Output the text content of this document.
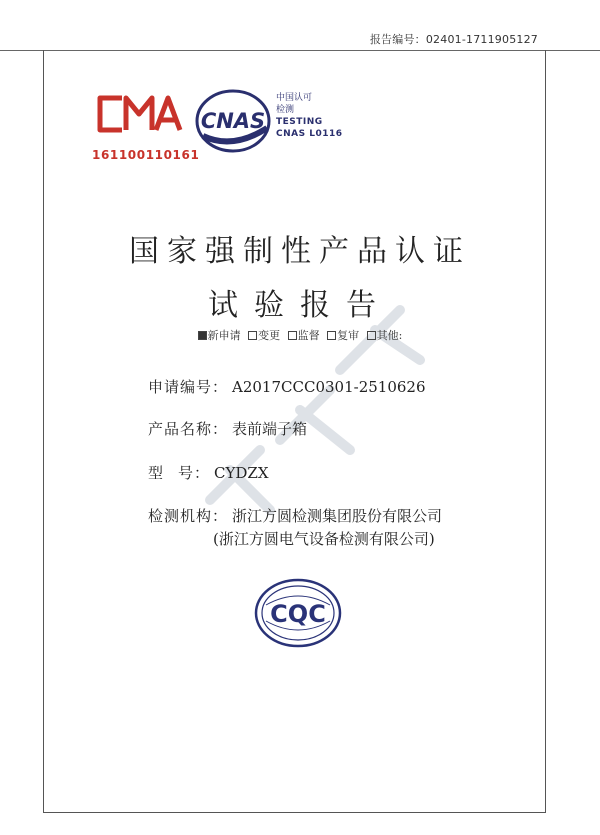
报告编号：02401-1711905127
161100110161
CNAS
中国认可
检测
TESTING
CNAS L0116
国家强制性产品认证
试验报告
新申请
变更
监督
复审
其他:
申请编号： A2017CCC0301-2510626
产品名称： 表前端子箱
型 号： CYDZX
检测机构： 浙江方圆检测集团股份有限公司
(浙江方圆电气设备检测有限公司)
CQC
